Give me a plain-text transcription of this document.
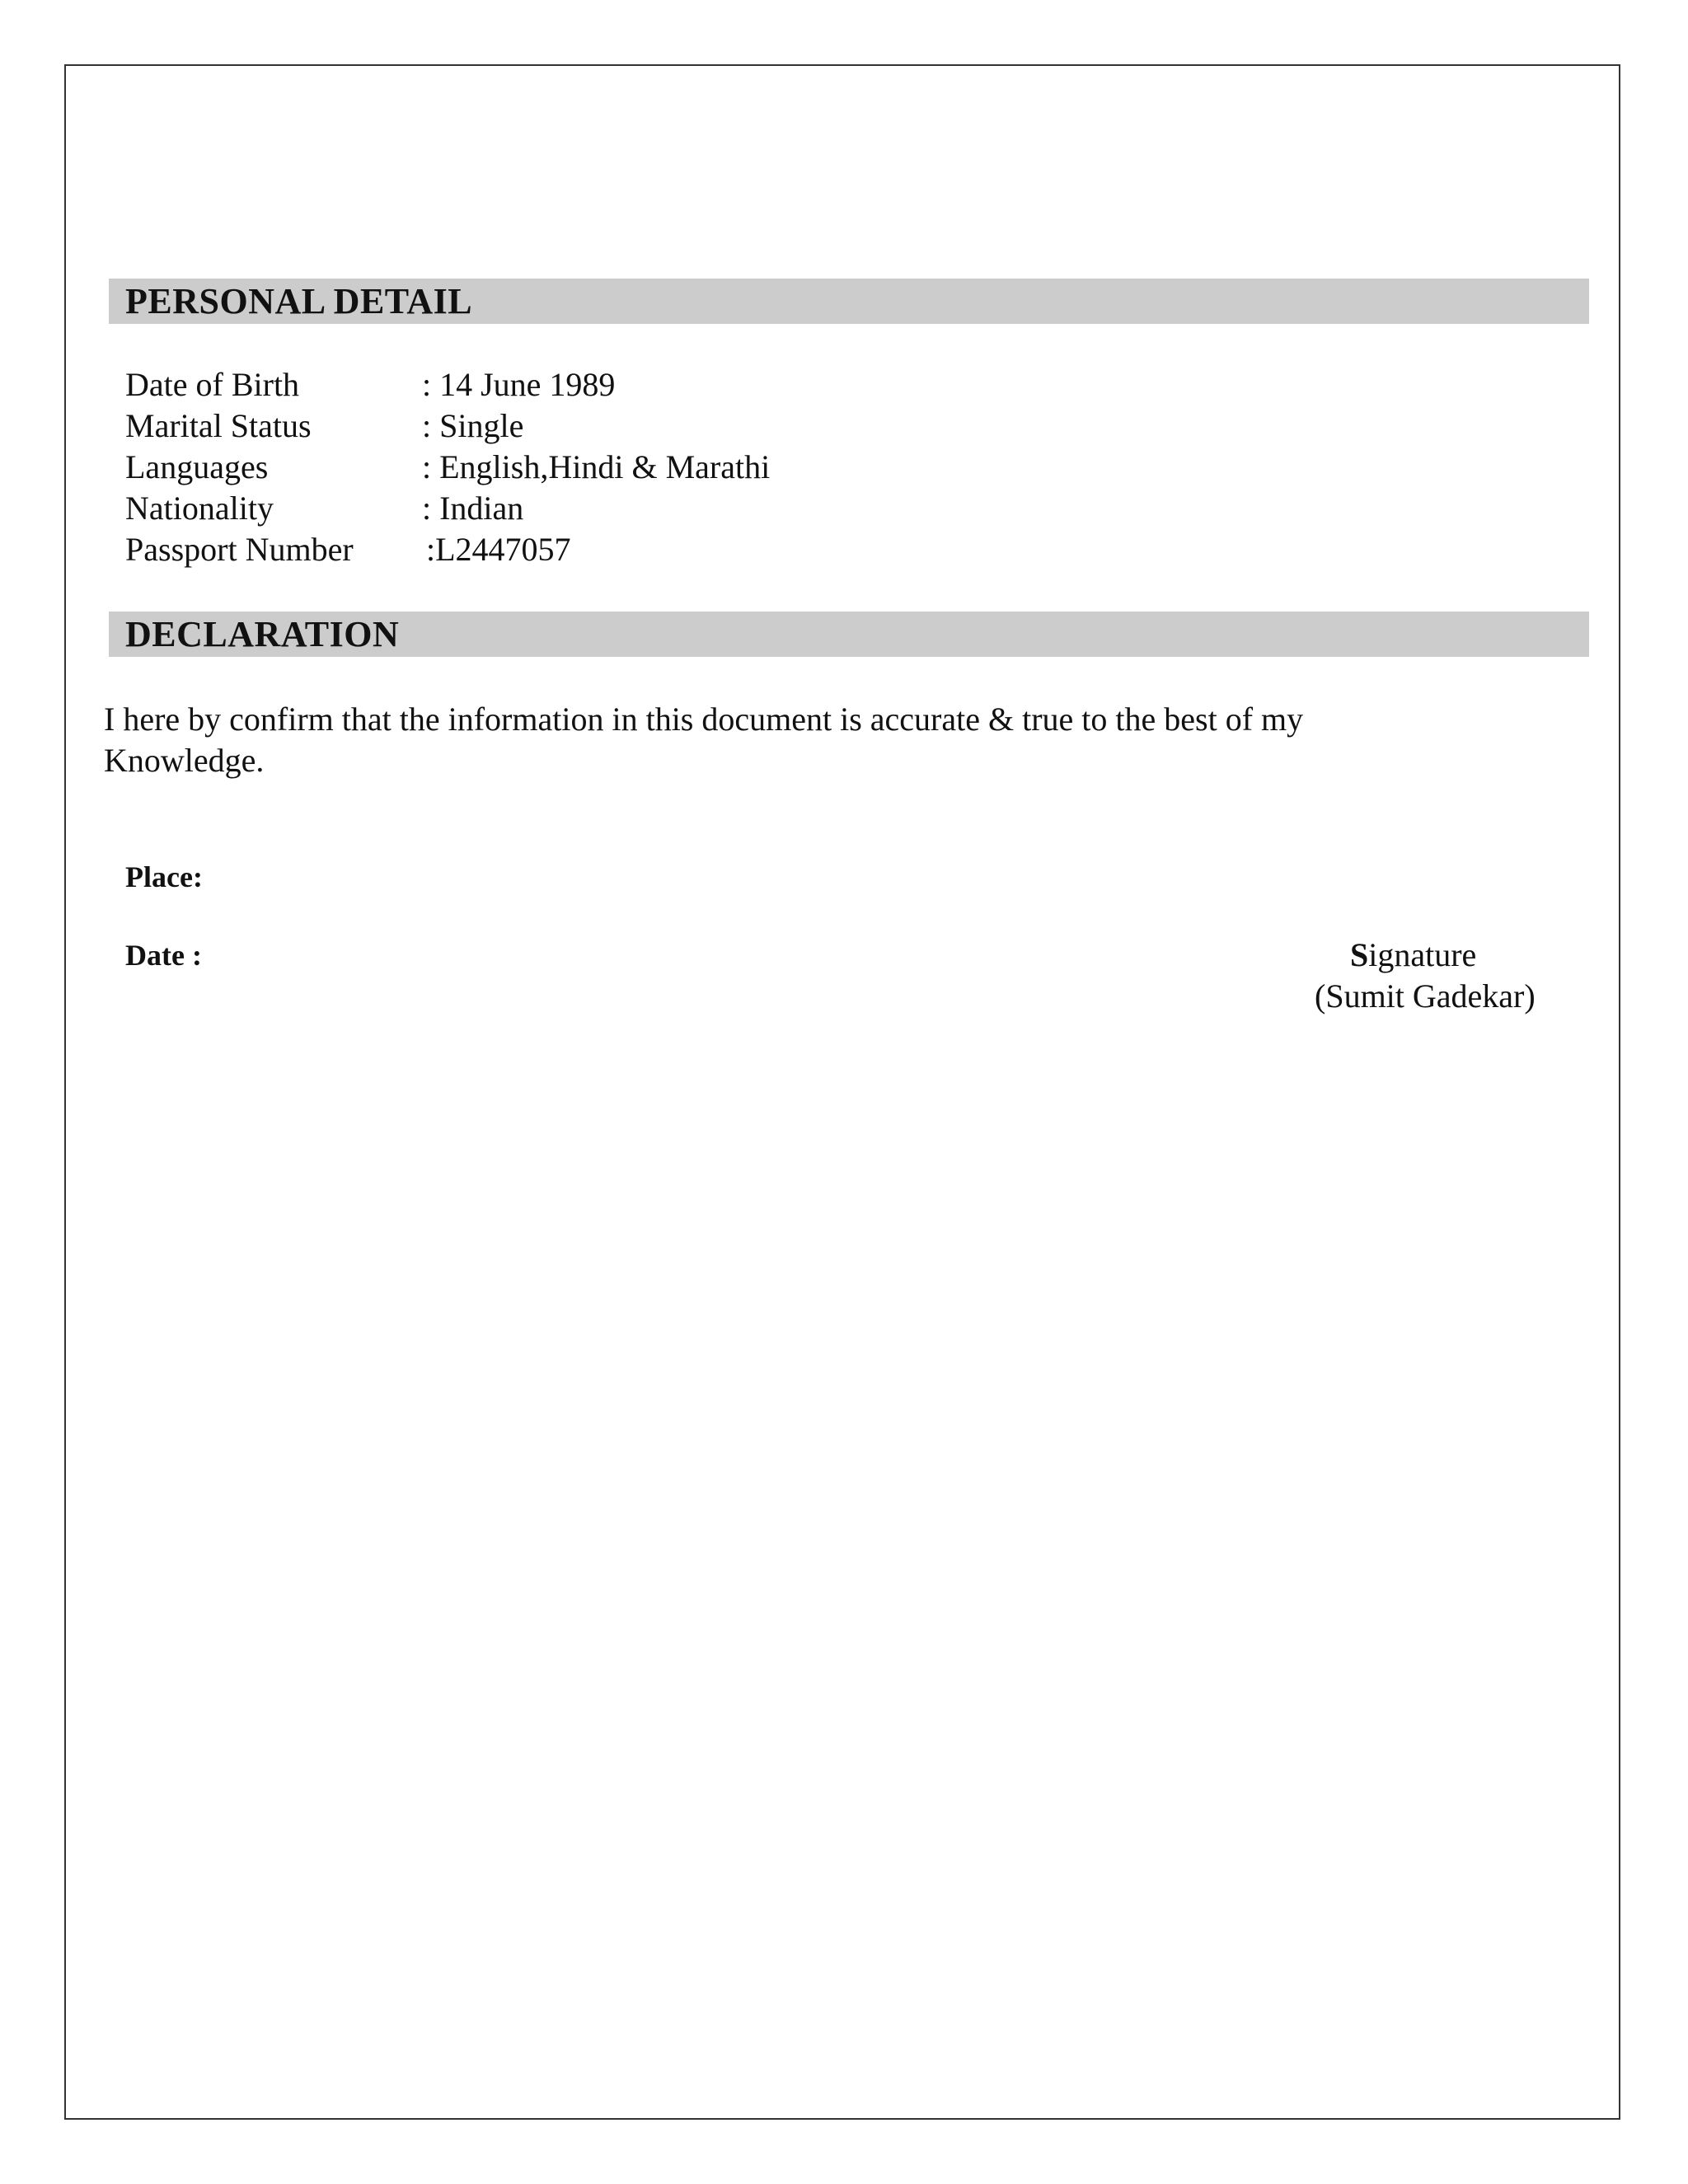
PERSONAL DETAIL
Date of Birth	: 14 June 1989
Marital Status	: Single
Languages	: English,Hindi & Marathi
Nationality	: Indian
Passport Number :L2447057
DECLARATION
I here by confirm that the information in this document is accurate & true to the best of my
Knowledge.
Place:
Date :	Signature
(Sumit Gadekar)
